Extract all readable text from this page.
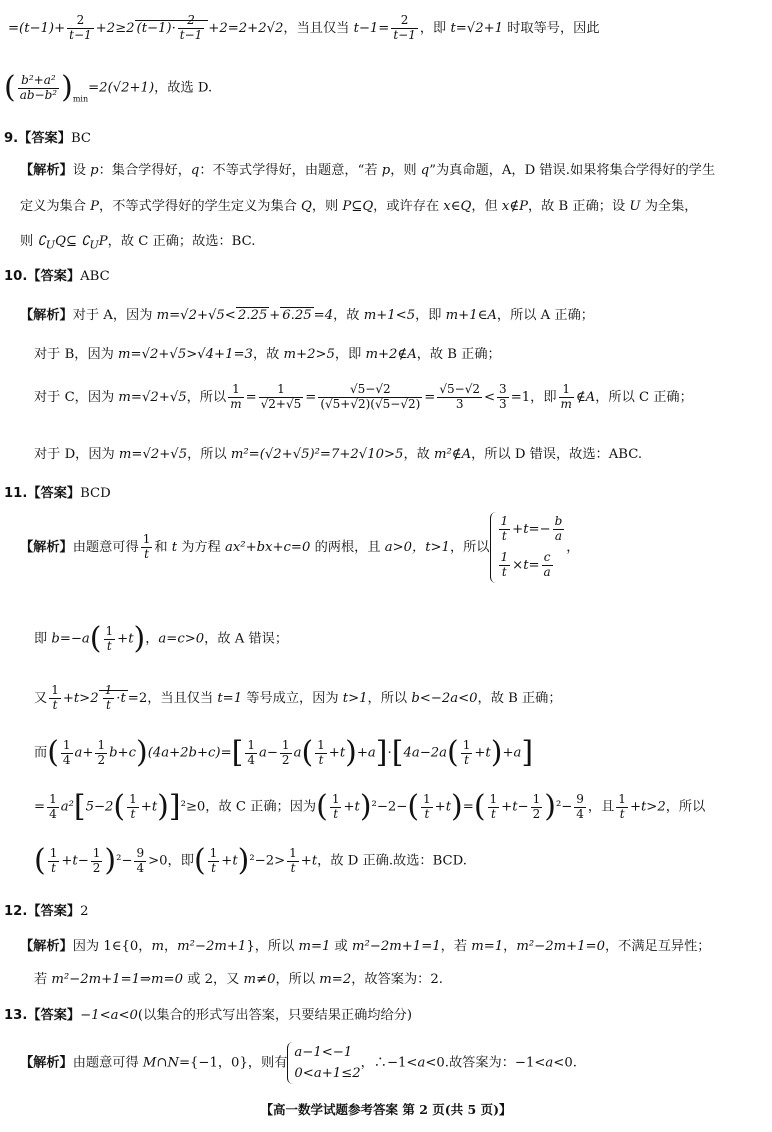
$=(t-1)+ \frac{2}{t-1} +2\ge 2$ $(t-1)\cdot \frac{2}{t-1} +2=2+2√2$，当且仅当 $t-1= \frac{2}{t-1}$ ，即 t=√2+1 时取等号，因此
( $\frac{\text{b²+a²}}{\text{ab−b²}} )_{min}=2(√2+1)$，故选 D.
9.【答案】BC
【解析】设 p：集合学得好，q：不等式学得好，由题意，“若 p，则 q”为真命题，A，D 错误.如果将集合学得好的学生
定义为集合 P，不等式学得好的学生定义为集合 Q，则 P⊆Q，或许存在 x∈Q，但 x∉P，故 B 正确；设 U 为全集，
则 $∁_UQ⊆$ $∁_UP$，故 C 正确；故选：BC.
10.【答案】ABC
【解析】对于 A，因为 m=√2+√5< 2.25 + 6.25 =4，故 m+1<5，即 m+1∈A，所以 A 正确；
对于 B，因为 m=√2+√5>√4+1=3，故 m+2>5，即 m+2∉A，故 B 正确；
对于 C，因为 m=√2+√5，所以 $\frac{1}{m} = \frac{1}{√2+√5} = \frac{√5-√2}{(√5+√2)(√5-√2)} = \frac{√5-√2}{3} < \frac{3}{3} =1$，即 $\frac{1}{m}$ ∉A，所以 C 正确；
对于 D，因为 m=√2+√5，所以 m²=(√2+√5)²=7+2√10>5，故 m²∉A，所以 D 错误，故选：ABC.
11.【答案】BCD
【解析】由题意可得 $\frac{1}{t}$ 和 t 为方程 ax²+bx+c=0 的两根，且 a>0，t>1，所以
$\frac{1}{t} +t=- \frac{b}{a}$
$\frac{1}{t} \times t= \frac{c}{a}$
，
即 $b=-a( \frac{1}{t} +t)$，a=c>0，故 A 错误；
又 $\frac{1}{t} +t>2 \frac{1}{t} \cdot t =2$，当且仅当 t=1 等号成立，因为 t>1，所以 b<−2a<0，故 B 正确；
而( $\frac{1}{4} a+ \frac{1}{2} b+c)(4a+2b+c)=[ \frac{1}{4} a- \frac{1}{2} a( \frac{1}{t} +t)+a]\cdot[4a-2a( \frac{1}{t} +t)+a]$
= $\frac{1}{4} a^2[5-2( \frac{1}{t} +t)]^2\ge 0$，故 C 正确；因为( $\frac{1}{t} +t)^2-2-( \frac{1}{t} +t)=( \frac{1}{t} +t- \frac{1}{2} )^2- \frac{9}{4}$ ，且 $\frac{1}{t} +t>2$，所以
( $\frac{1}{t} +t- \frac{1}{2} )^2- \frac{9}{4} >0$，即( $\frac{1}{t} +t)^2-2> \frac{1}{t} +t$，故 D 正确.故选：BCD.
12.【答案】2
【解析】因为 1∈{0，m，m²−2m+1}，所以 m=1 或 m²−2m+1=1，若 m=1，m²−2m+1=0，不满足互异性；
若 m²−2m+1=1⇒m=0 或 2，又 m≠0，所以 m=2，故答案为：2.
13.【答案】−1<a<0(以集合的形式写出答案，只要结果正确均给分)
【解析】由题意可得 M∩N={−1，0}，则有
a−1<−1
0<a+1≤2
，∴−1<a<0.故答案为：−1<a<0.
【高一数学试题参考答案 第 2 页(共 5 页)】
